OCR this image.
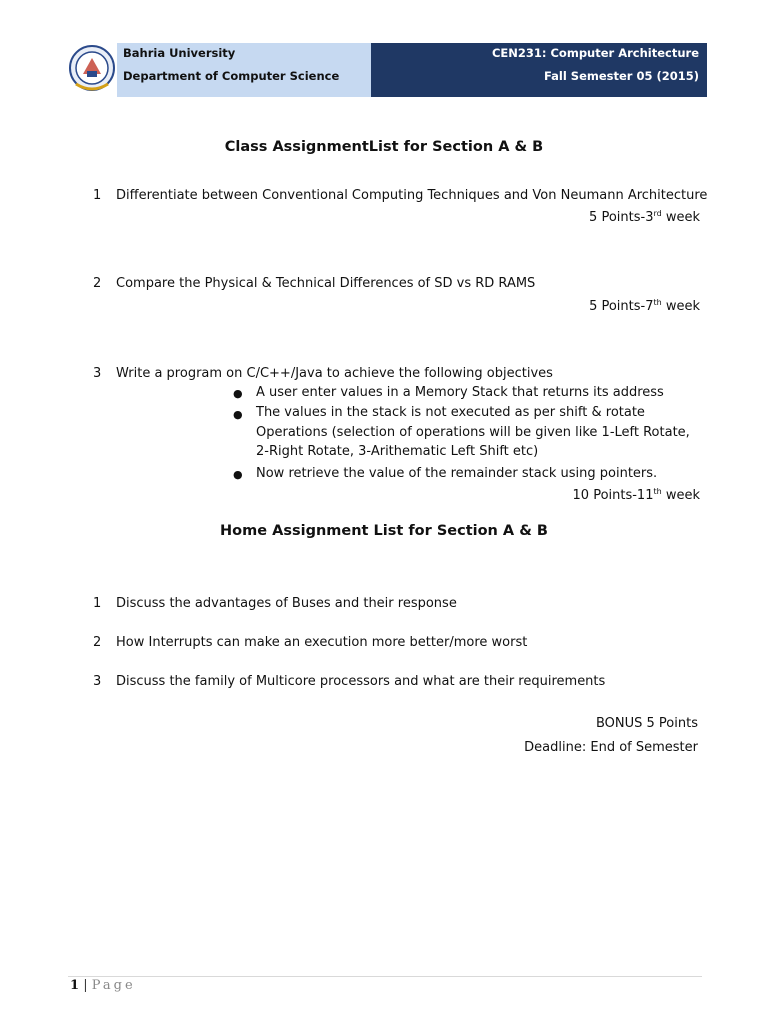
Bahria University
Department of Computer Science
CEN231: Computer Architecture
Fall Semester 05 (2015)
Class AssignmentList for Section A & B
1 Differentiate between Conventional Computing Techniques and Von Neumann Architecture
5 Points-3rd week
2 Compare the Physical & Technical Differences of SD vs RD RAMS
5 Points-7th week
3 Write a program on C/C++/Java to achieve the following objectives
● A user enter values in a Memory Stack that returns its address
● The values in the stack is not executed as per shift & rotate
Operations (selection of operations will be given like 1-Left Rotate,
2-Right Rotate, 3-Arithematic Left Shift etc)
● Now retrieve the value of the remainder stack using pointers.
10 Points-11th week
Home Assignment List for Section A & B
1 Discuss the advantages of Buses and their response
2 How Interrupts can make an execution more better/more worst
3 Discuss the family of Multicore processors and what are their requirements
BONUS 5 Points
Deadline: End of Semester
1 | Page
